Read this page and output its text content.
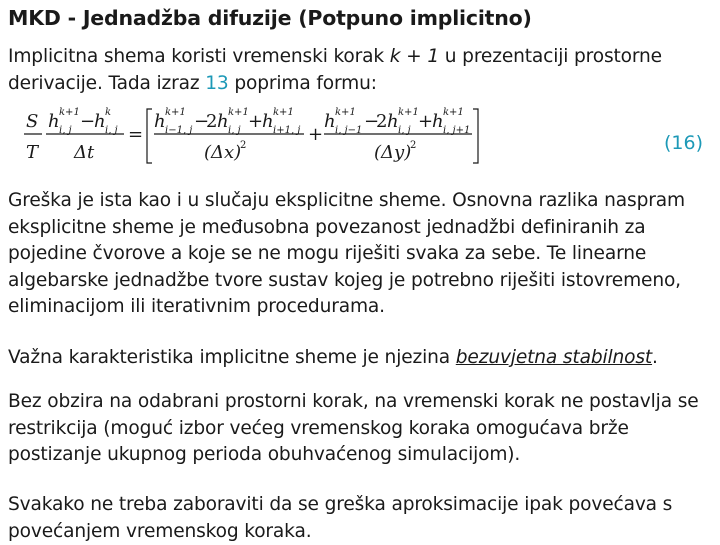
MKD - Jednadžba difuzije (Potpuno implicitno)
Implicitna shema koristi vremenski korak k + 1 u prezentaciji prostorne derivacije. Tada izraz 13 poprima formu:
S
T
h k+1
i, j −
h k
i, j
Δt
=
h k+1
i−1, j −
2 h k+1
i, j +
h k+1
i+1, j
(Δx)
2
+
h k+1
i, j−1 −
2 h k+1
i, j +
h k+1
i, j+1
(Δy)
2	(16)
Greška je ista kao i u slučaju eksplicitne sheme. Osnovna razlika naspram eksplicitne sheme je međusobna povezanost jednadžbi definiranih za pojedine čvorove a koje se ne mogu riješiti svaka za sebe. Te linearne algebarske jednadžbe tvore sustav kojeg je potrebno riješiti istovremeno, eliminacijom ili iterativnim procedurama.
Važna karakteristika implicitne sheme je njezina bezuvjetna stabilnost.
Bez obzira na odabrani prostorni korak, na vremenski korak ne postavlja se restrikcija (moguć izbor većeg vremenskog koraka omogućava brže postizanje ukupnog perioda obuhvaćenog simulacijom).
Svakako ne treba zaboraviti da se greška aproksimacije ipak povećava s povećanjem vremenskog koraka.
